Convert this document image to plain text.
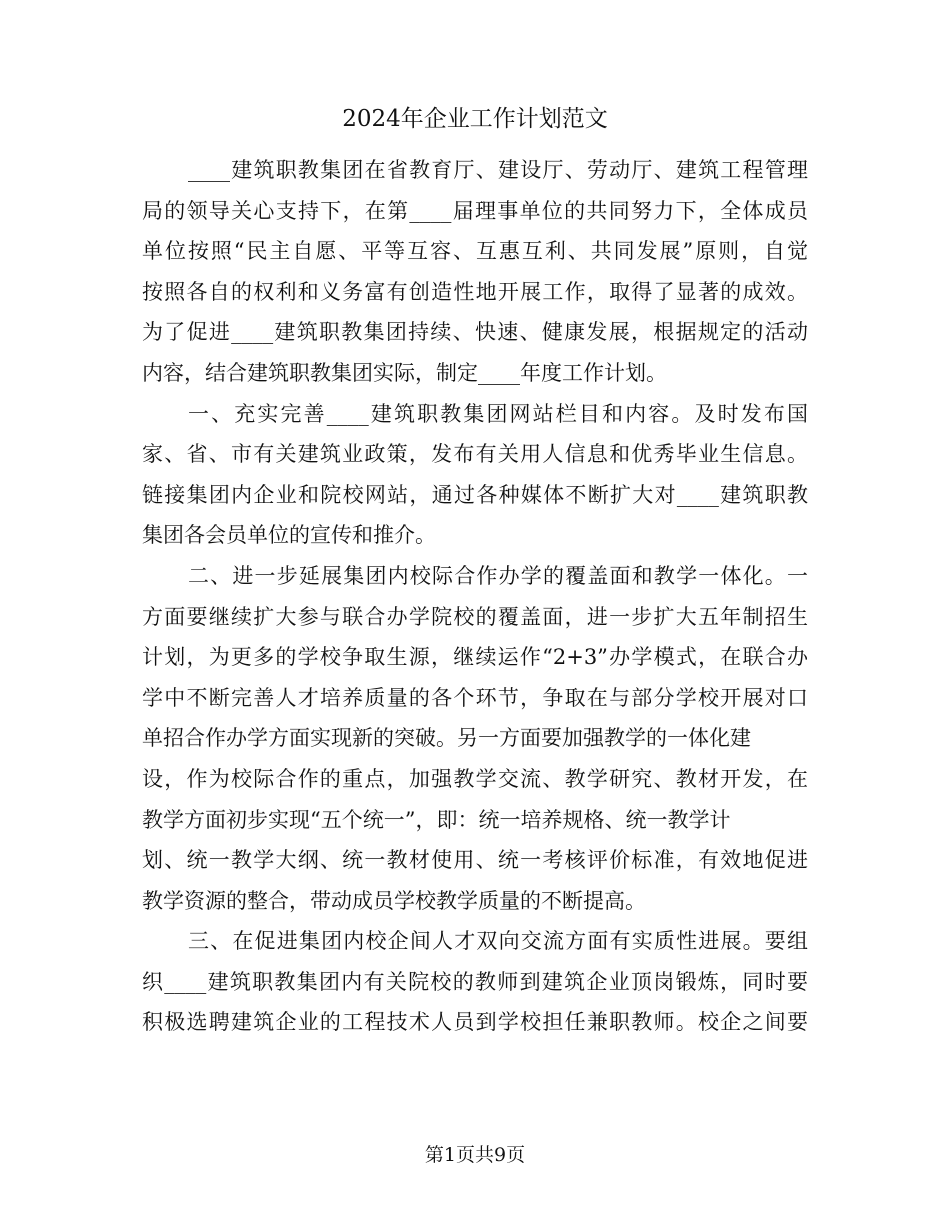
2024年企业工作计划范文

____建筑职教集团在省教育厅、建设厅、劳动厅、建筑工程管理
局的领导关心支持下，在第____届理事单位的共同努力下，全体成员
单位按照“民主自愿、平等互容、互惠互利、共同发展”原则，自觉
按照各自的权利和义务富有创造性地开展工作，取得了显著的成效。
为了促进____建筑职教集团持续、快速、健康发展，根据规定的活动
内容，结合建筑职教集团实际，制定____年度工作计划。

一、充实完善____建筑职教集团网站栏目和内容。及时发布国
家、省、市有关建筑业政策，发布有关用人信息和优秀毕业生信息。
链接集团内企业和院校网站，通过各种媒体不断扩大对____建筑职教
集团各会员单位的宣传和推介。

二、进一步延展集团内校际合作办学的覆盖面和教学一体化。一
方面要继续扩大参与联合办学院校的覆盖面，进一步扩大五年制招生
计划，为更多的学校争取生源，继续运作“2+3”办学模式，在联合办
学中不断完善人才培养质量的各个环节，争取在与部分学校开展对口
单招合作办学方面实现新的突破。另一方面要加强教学的一体化建
设，作为校际合作的重点，加强教学交流、教学研究、教材开发，在
教学方面初步实现“五个统一”，即：统一培养规格、统一教学计
划、统一教学大纲、统一教材使用、统一考核评价标准，有效地促进
教学资源的整合，带动成员学校教学质量的不断提高。

三、在促进集团内校企间人才双向交流方面有实质性进展。要组
织____建筑职教集团内有关院校的教师到建筑企业顶岗锻炼，同时要
积极选聘建筑企业的工程技术人员到学校担任兼职教师。校企之间要

第1页共9页
